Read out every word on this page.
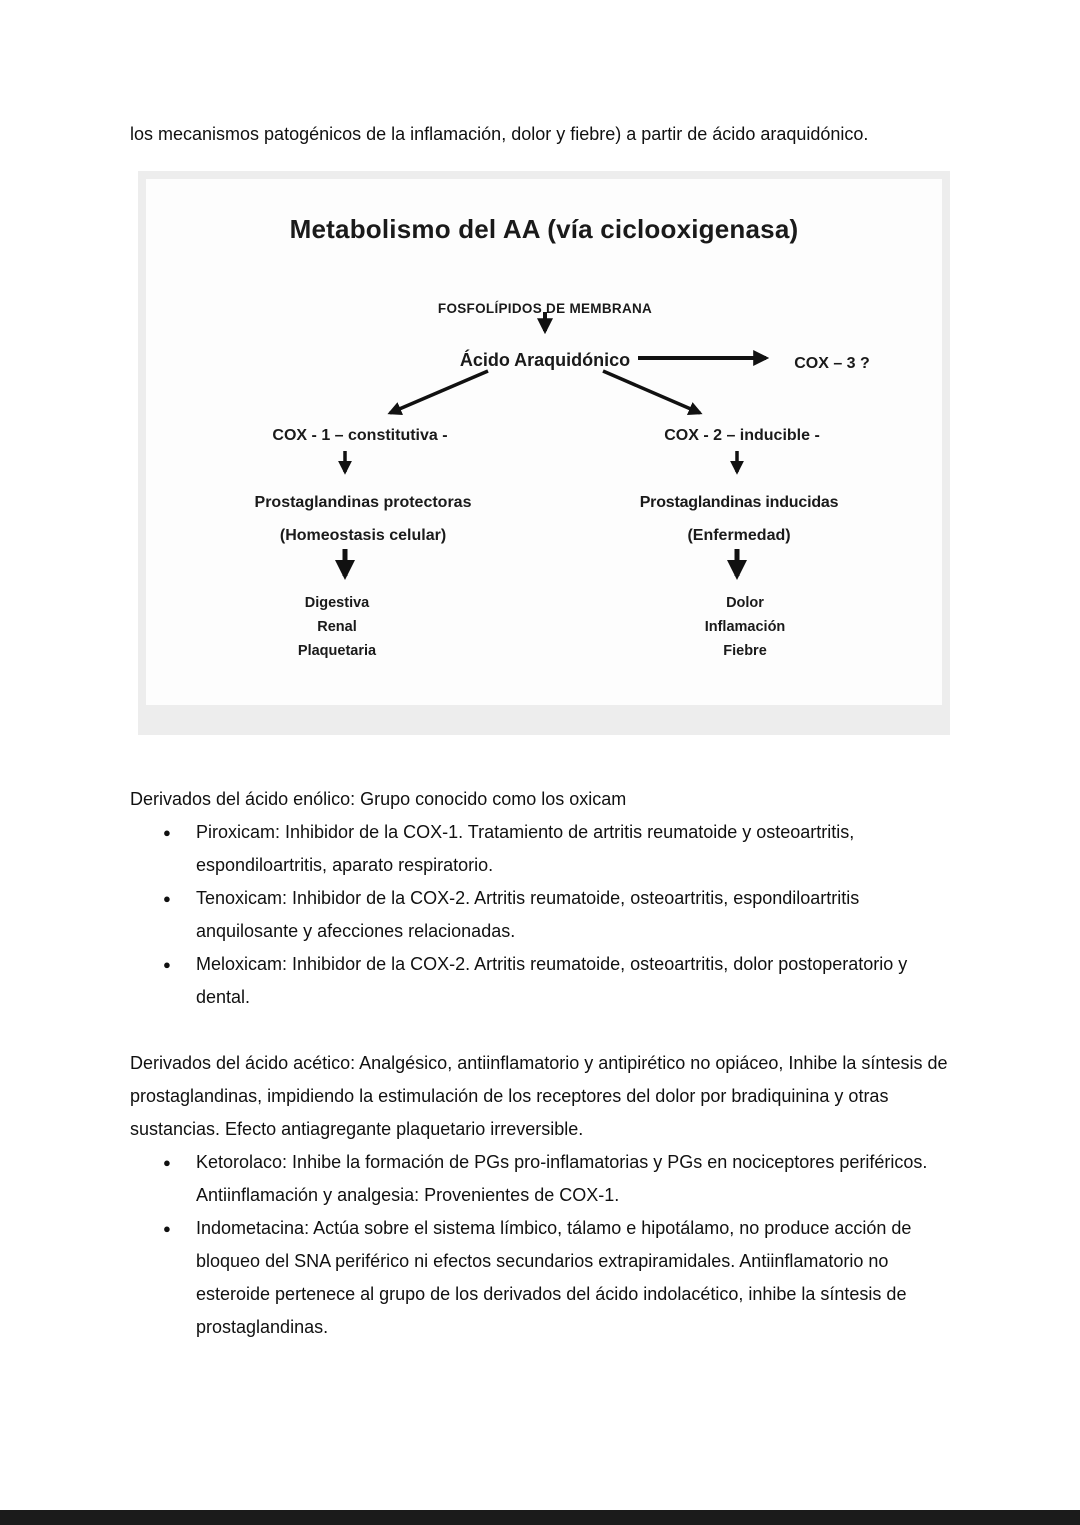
los mecanismos patogénicos de la inflamación, dolor y fiebre) a partir de ácido araquidónico.

Metabolismo del AA (vía ciclooxigenasa)
FOSFOLÍPIDOS DE MEMBRANA
Ácido Araquidónico	COX – 3 ?
COX - 1 – constitutiva -	COX - 2 – inducible -
Prostaglandinas protectoras
(Homeostasis celular)
Prostaglandinas inducidas
(Enfermedad)
Digestiva
Renal
Plaquetaria
Dolor
Inflamación
Fiebre

Derivados del ácido enólico: Grupo conocido como los oxicam

● Piroxicam: Inhibidor de la COX-1. Tratamiento de artritis reumatoide y osteoartritis, espondiloartritis, aparato respiratorio.
● Tenoxicam: Inhibidor de la COX-2. Artritis reumatoide, osteoartritis, espondiloartritis anquilosante y afecciones relacionadas.
● Meloxicam: Inhibidor de la COX-2. Artritis reumatoide, osteoartritis, dolor postoperatorio y dental.

Derivados del ácido acético: Analgésico, antiinflamatorio y antipirético no opiáceo, Inhibe la síntesis de prostaglandinas, impidiendo la estimulación de los receptores del dolor por bradiquinina y otras sustancias. Efecto antiagregante plaquetario irreversible.

● Ketorolaco: Inhibe la formación de PGs pro-inflamatorias y PGs en nociceptores periféricos. Antiinflamación y analgesia: Provenientes de COX-1.
● Indometacina: Actúa sobre el sistema límbico, tálamo e hipotálamo, no produce acción de bloqueo del SNA periférico ni efectos secundarios extrapiramidales. Antiinflamatorio no esteroide pertenece al grupo de los derivados del ácido indolacético, inhibe la síntesis de prostaglandinas.
